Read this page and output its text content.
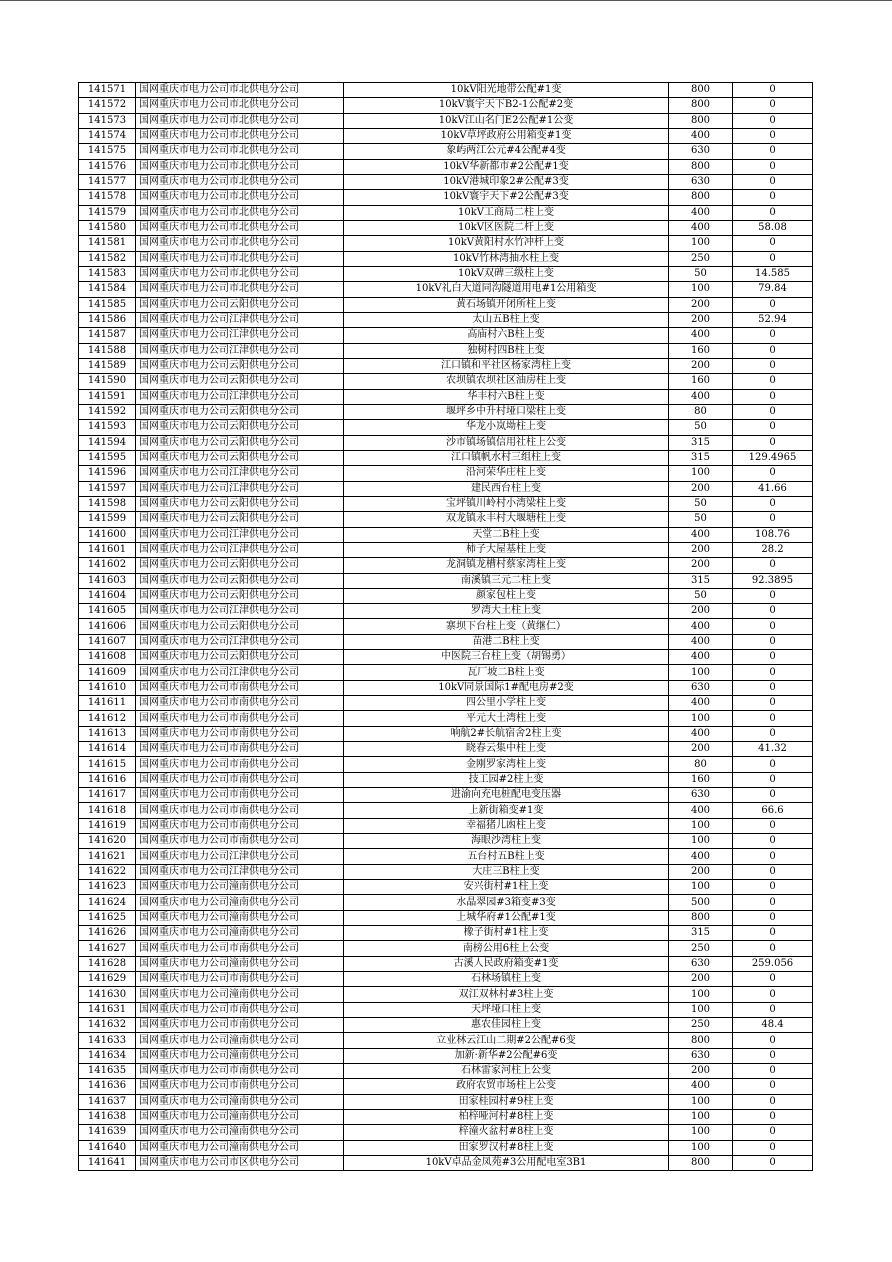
141571	国网重庆市电力公司市北供电分公司	10kV阳光地带公配#1变	800	0
141572	国网重庆市电力公司市北供电分公司	10kV寰宇天下B2-1公配#2变	800	0
141573	国网重庆市电力公司市北供电分公司	10kV江山名门E2公配#1公变	800	0
141574	国网重庆市电力公司市北供电分公司	10kV草坪政府公用箱变#1变	400	0
141575	国网重庆市电力公司市北供电分公司	象屿两江公元#4公配#4变	630	0
141576	国网重庆市电力公司市北供电分公司	10kV华新都市#2公配#1变	800	0
141577	国网重庆市电力公司市北供电分公司	10kV港城印象2#公配#3变	630	0
141578	国网重庆市电力公司市北供电分公司	10kV寰宇天下#2公配#3变	800	0
141579	国网重庆市电力公司市北供电分公司	10kV工商局二柱上变	400	0
141580	国网重庆市电力公司市北供电分公司	10kV区医院二杆上变	400	58.08
141581	国网重庆市电力公司市北供电分公司	10kV黄阳村水竹冲杆上变	100	0
141582	国网重庆市电力公司市北供电分公司	10kV竹林湾抽水柱上变	250	0
141583	国网重庆市电力公司市北供电分公司	10kV双碑三级柱上变	50	14.585
141584	国网重庆市电力公司市北供电分公司	10kV礼白大道同沟隧道用电#1公用箱变	100	79.84
141585	国网重庆市电力公司云阳供电分公司	黄石场镇开闭所柱上变	200	0
141586	国网重庆市电力公司江津供电分公司	太山五B柱上变	200	52.94
141587	国网重庆市电力公司江津供电分公司	高庙村六B柱上变	400	0
141588	国网重庆市电力公司江津供电分公司	独树村四B柱上变	160	0
141589	国网重庆市电力公司云阳供电分公司	江口镇和平社区杨家湾柱上变	200	0
141590	国网重庆市电力公司云阳供电分公司	农坝镇农坝社区油房柱上变	160	0
141591	国网重庆市电力公司江津供电分公司	华丰村六B柱上变	400	0
141592	国网重庆市电力公司云阳供电分公司	堰坪乡中升村垭口梁柱上变	80	0
141593	国网重庆市电力公司云阳供电分公司	华龙小岚坳柱上变	50	0
141594	国网重庆市电力公司云阳供电分公司	沙市镇场镇信用社柱上公变	315	0
141595	国网重庆市电力公司云阳供电分公司	江口镇帆水村三组柱上变	315	129.4965
141596	国网重庆市电力公司江津供电分公司	沿河荣华庄柱上变	100	0
141597	国网重庆市电力公司江津供电分公司	建民西台柱上变	200	41.66
141598	国网重庆市电力公司云阳供电分公司	宝坪镇川岭村小湾梁柱上变	50	0
141599	国网重庆市电力公司云阳供电分公司	双龙镇永丰村大堰塘柱上变	50	0
141600	国网重庆市电力公司江津供电分公司	天堂二B柱上变	400	108.76
141601	国网重庆市电力公司江津供电分公司	柿子大屋基柱上变	200	28.2
141602	国网重庆市电力公司云阳供电分公司	龙洞镇龙槽村蔡家湾柱上变	200	0
141603	国网重庆市电力公司云阳供电分公司	南溪镇三元二柱上变	315	92.3895
141604	国网重庆市电力公司云阳供电分公司	颜家包柱上变	50	0
141605	国网重庆市电力公司江津供电分公司	罗湾大土柱上变	200	0
141606	国网重庆市电力公司云阳供电分公司	寨坝下台柱上变（黄继仁）	400	0
141607	国网重庆市电力公司江津供电分公司	苗港二B柱上变	400	0
141608	国网重庆市电力公司云阳供电分公司	中医院三台柱上变（胡锡勇）	400	0
141609	国网重庆市电力公司江津供电分公司	瓦厂坡二B柱上变	100	0
141610	国网重庆市电力公司市南供电分公司	10kV同景国际1#配电房#2变	630	0
141611	国网重庆市电力公司市南供电分公司	四公里小学柱上变	400	0
141612	国网重庆市电力公司市南供电分公司	平元大土湾柱上变	100	0
141613	国网重庆市电力公司市南供电分公司	响航2#长航宿舍2柱上变	400	0
141614	国网重庆市电力公司市南供电分公司	晓春云集中柱上变	200	41.32
141615	国网重庆市电力公司市南供电分公司	金刚罗家湾柱上变	80	0
141616	国网重庆市电力公司市南供电分公司	技工园#2柱上变	160	0
141617	国网重庆市电力公司市南供电分公司	进渝向充电桩配电变压器	630	0
141618	国网重庆市电力公司市南供电分公司	上新街箱变#1变	400	66.6
141619	国网重庆市电力公司市南供电分公司	幸福猪儿凼柱上变	100	0
141620	国网重庆市电力公司市南供电分公司	海眼沙湾柱上变	100	0
141621	国网重庆市电力公司江津供电分公司	五台村五B柱上变	400	0
141622	国网重庆市电力公司江津供电分公司	大庄三B柱上变	200	0
141623	国网重庆市电力公司潼南供电分公司	安兴街村#1柱上变	100	0
141624	国网重庆市电力公司潼南供电分公司	水晶翠园#3箱变#3变	500	0
141625	国网重庆市电力公司潼南供电分公司	上城华府#1公配#1变	800	0
141626	国网重庆市电力公司潼南供电分公司	橡子街村#1柱上变	315	0
141627	国网重庆市电力公司市南供电分公司	南榜公用6柱上公变	250	0
141628	国网重庆市电力公司潼南供电分公司	古溪人民政府箱变#1变	630	259.056
141629	国网重庆市电力公司市南供电分公司	石林场镇柱上变	200	0
141630	国网重庆市电力公司潼南供电分公司	双江双林村#3柱上变	100	0
141631	国网重庆市电力公司市南供电分公司	天坪垭口柱上变	100	0
141632	国网重庆市电力公司市南供电分公司	惠农佳园柱上变	250	48.4
141633	国网重庆市电力公司潼南供电分公司	立业林云江山二期#2公配#6变	800	0
141634	国网重庆市电力公司潼南供电分公司	加新·新华#2公配#6变	630	0
141635	国网重庆市电力公司市南供电分公司	石林雷家河柱上公变	200	0
141636	国网重庆市电力公司市南供电分公司	政府农贸市场柱上公变	400	0
141637	国网重庆市电力公司潼南供电分公司	田家桂园村#9柱上变	100	0
141638	国网重庆市电力公司潼南供电分公司	柏梓哑河村#8柱上变	100	0
141639	国网重庆市电力公司潼南供电分公司	梓潼火盆村#8柱上变	100	0
141640	国网重庆市电力公司潼南供电分公司	田家罗汉村#8柱上变	100	0
141641	国网重庆市电力公司市区供电分公司	10kV卓品金凤苑#3公用配电室3B1	800	0
